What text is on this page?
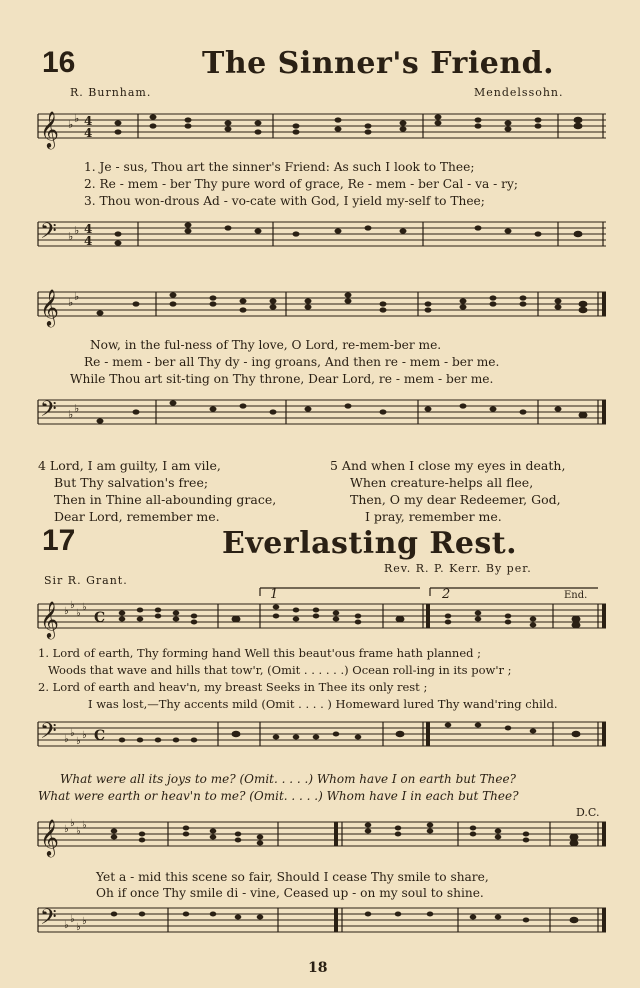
16	The Sinner's Friend.
R. Burnham.	Mendelssohn.
𝄞 ♭ ♭ 4
4
1. Je - sus, Thou art the sinner's Friend: As such I look to Thee;
2. Re - mem - ber Thy pure word of grace, Re - mem - ber Cal - va - ry;
3. Thou won-drous Ad - vo-cate with God, I yield my-self to Thee;
𝄢 ♭ ♭ 4
4
𝄞 ♭ ♭
Now, in the ful-ness of Thy love, O Lord, re-mem-ber me.
Re - mem - ber all Thy dy - ing groans, And then re - mem - ber me.
While Thou art sit-ting on Thy throne, Dear Lord, re - mem - ber me.
𝄢 ♭ ♭
4 Lord, I am guilty, I am vile,
But Thy salvation's free;
Then in Thine all-abounding grace,
Dear Lord, remember me.
5 And when I close my eyes in death,
When creature-helps all flee,
Then, O my dear Redeemer, God,
I pray, remember me.
17	Everlasting Rest.
Rev. R. P. Kerr. By per.
Sir R. Grant.
1	2	End.
𝄞 ♭
♭
♭
♭
C
1. Lord of earth, Thy forming hand Well this beaut'ous frame hath planned ;
Woods that wave and hills that tow'r, (Omit . . . . . .) Ocean roll-ing in its pow'r ;
2. Lord of earth and heav'n, my breast Seeks in Thee its only rest ;
I was lost,—Thy accents mild (Omit . . . . ) Homeward lured Thy wand'ring child.
𝄢 ♭
♭
♭
♭ C
What were all its joys to me? (Omit. . . . .) Whom have I on earth but Thee?
What were earth or heav'n to me? (Omit. . . . .) Whom have I in each but Thee?
D.C.
𝄞 ♭
♭
♭
♭
Yet a - mid this scene so fair, Should I cease Thy smile to share,
Oh if once Thy smile di - vine, Ceased up - on my soul to shine.
𝄢 ♭
♭
♭
♭
18
